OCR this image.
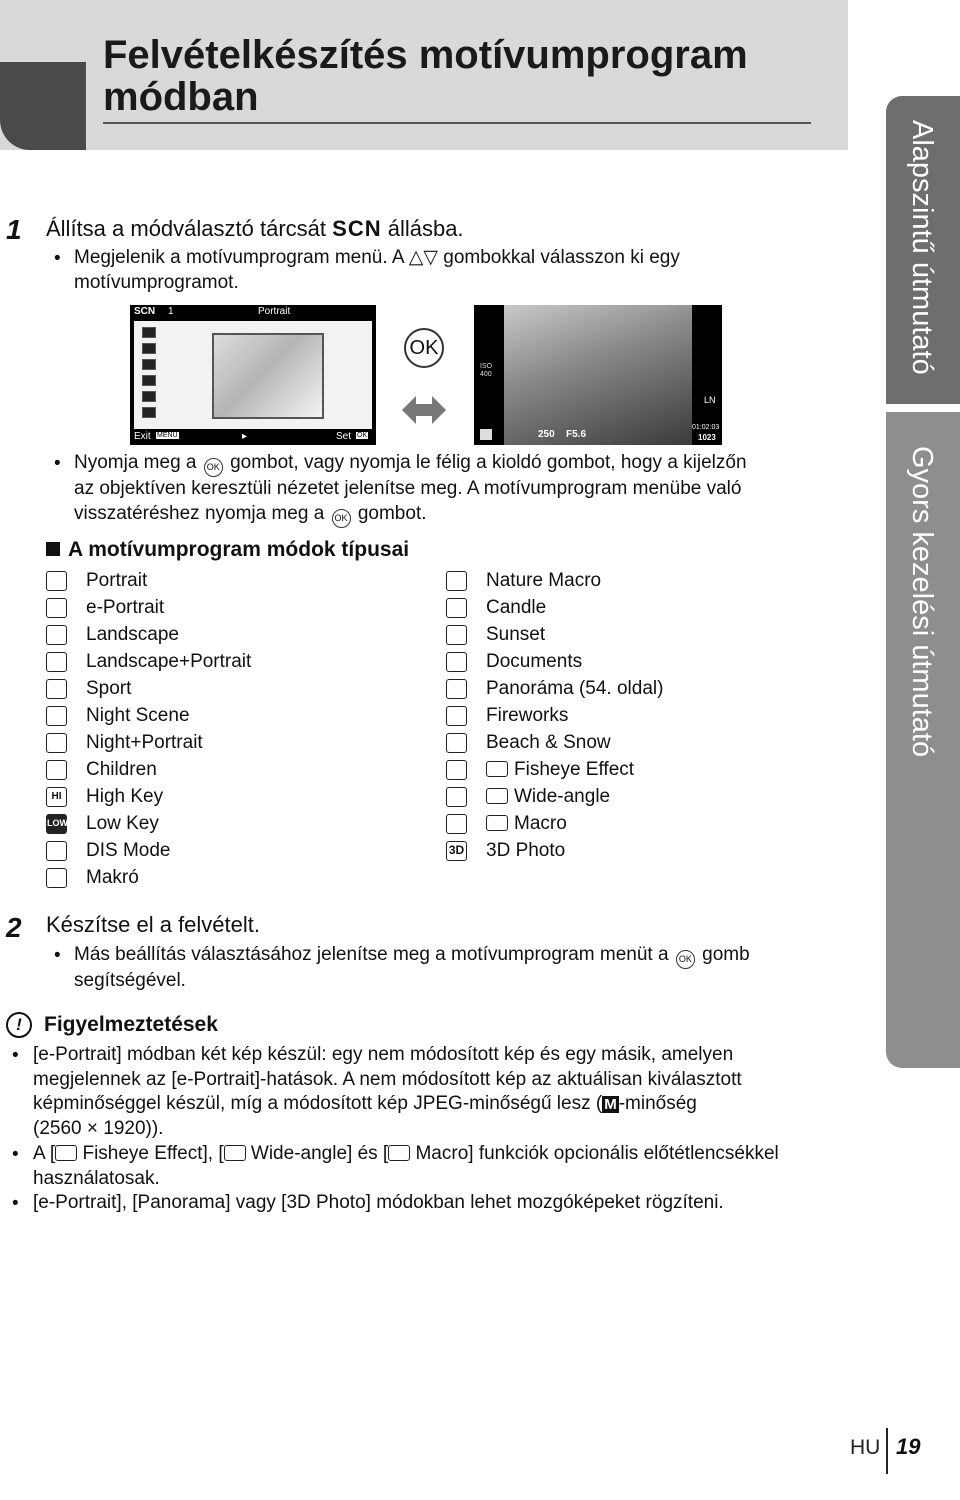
Felvételkészítés motívumprogram módban
Alapszintű útmutató
Gyors kezelési útmutató
1 Állítsa a módválasztó tárcsát SCN állásba.
• Megjelenik a motívumprogram menü. A △▽ gombokkal válasszon ki egy
motívumprogramot.
SCN 1	Portrait
Exit MENU	▸	Set OK
OK
ISO
400
LN
250 F5.6
01:02:03
1023
• Nyomja meg a OK gombot, vagy nyomja le félig a kioldó gombot, hogy a kijelzőn
az objektíven keresztüli nézetet jelenítse meg. A motívumprogram menübe való
visszatéréshez nyomja meg a OK gombot.
A motívumprogram módok típusai
Portrait
e-Portrait
Landscape
Landscape+Portrait
Sport
Night Scene
Night+Portrait
Children
HI High Key
LOW Low Key
DIS Mode
Makró
Nature Macro
Candle
Sunset
Documents
Panoráma (54. oldal)
Fireworks
Beach & Snow
Fisheye Effect
Wide-angle
Macro
3D 3D Photo
2 Készítse el a felvételt.
• Más beállítás választásához jelenítse meg a motívumprogram menüt a OK gomb
segítségével.
!	Figyelmeztetések
• [e-Portrait] módban két kép készül: egy nem módosított kép és egy másik, amelyen
megjelennek az [e-Portrait]-hatások. A nem módosított kép az aktuálisan kiválasztott
képminőséggel készül, míg a módosított kép JPEG-minőségű lesz ( M -minőség
(2560 × 1920)).
• A [ Fisheye Effect], [ Wide-angle] és [ Macro] funkciók opcionális előtétlencsékkel
használatosak.
• [e-Portrait], [Panorama] vagy [3D Photo] módokban lehet mozgóképeket rögzíteni.
HU 19
